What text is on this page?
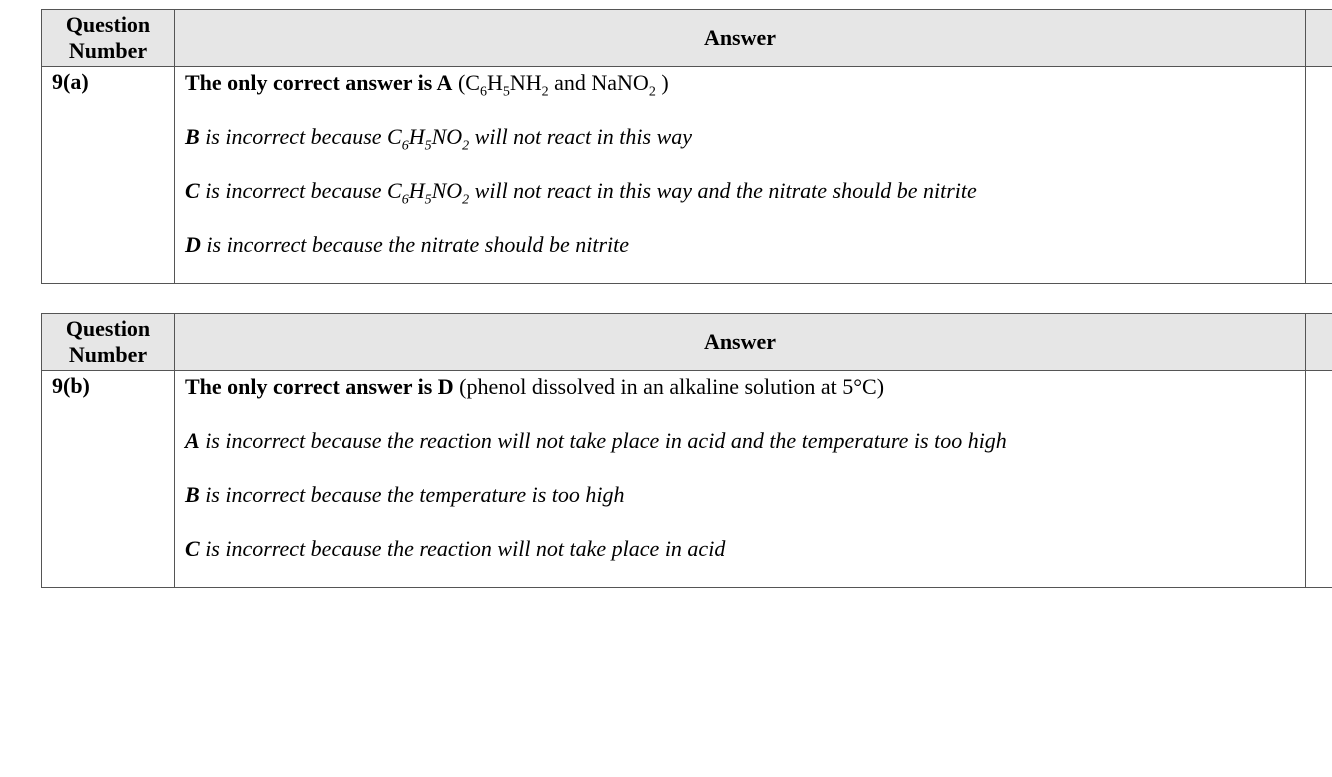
Question Number	Answer	
9(a)	The only correct answer is A ($C_6H_5NH_2$ and NaNO$_2$ )
B is incorrect because $C_6H_5NO_2$ will not react in this way
C is incorrect because $C_6H_5NO_2$ will not react in this way and the nitrate should be nitrite
D is incorrect because the nitrate should be nitrite	

Question Number	Answer	
9(b)	The only correct answer is D (phenol dissolved in an alkaline solution at 5°C)
A is incorrect because the reaction will not take place in acid and the temperature is too high
B is incorrect because the temperature is too high
C is incorrect because the reaction will not take place in acid	
